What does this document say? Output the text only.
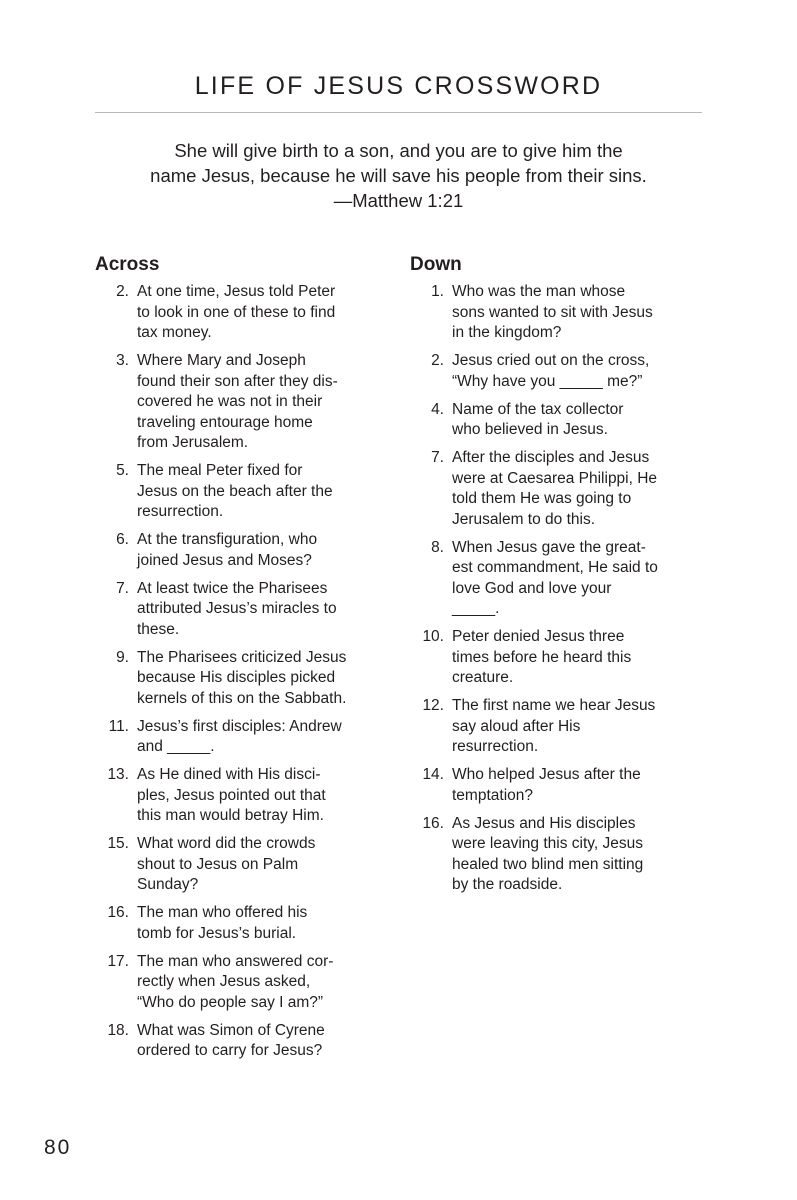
LIFE OF JESUS CROSSWORD
She will give birth to a son, and you are to give him the
name Jesus, because he will save his people from their sins.
—Matthew 1:21
Across
2. At one time, Jesus told Peter
to look in one of these to find
tax money.
3. Where Mary and Joseph
found their son after they dis-
covered he was not in their
traveling entourage home
from Jerusalem.
5. The meal Peter fixed for
Jesus on the beach after the
resurrection.
6. At the transfiguration, who
joined Jesus and Moses?
7. At least twice the Pharisees
attributed Jesus’s miracles to
these.
9. The Pharisees criticized Jesus
because His disciples picked
kernels of this on the Sabbath.
11. Jesus’s first disciples: Andrew
and _____.
13. As He dined with His disci-
ples, Jesus pointed out that
this man would betray Him.
15. What word did the crowds
shout to Jesus on Palm
Sunday?
16. The man who offered his
tomb for Jesus’s burial.
17. The man who answered cor-
rectly when Jesus asked,
“Who do people say I am?”
18. What was Simon of Cyrene
ordered to carry for Jesus?
Down
1. Who was the man whose
sons wanted to sit with Jesus
in the kingdom?
2. Jesus cried out on the cross,
“Why have you _____ me?”
4. Name of the tax collector
who believed in Jesus.
7. After the disciples and Jesus
were at Caesarea Philippi, He
told them He was going to
Jerusalem to do this.
8. When Jesus gave the great-
est commandment, He said to
love God and love your
_____.
10. Peter denied Jesus three
times before he heard this
creature.
12. The first name we hear Jesus
say aloud after His
resurrection.
14. Who helped Jesus after the
temptation?
16. As Jesus and His disciples
were leaving this city, Jesus
healed two blind men sitting
by the roadside.
80
